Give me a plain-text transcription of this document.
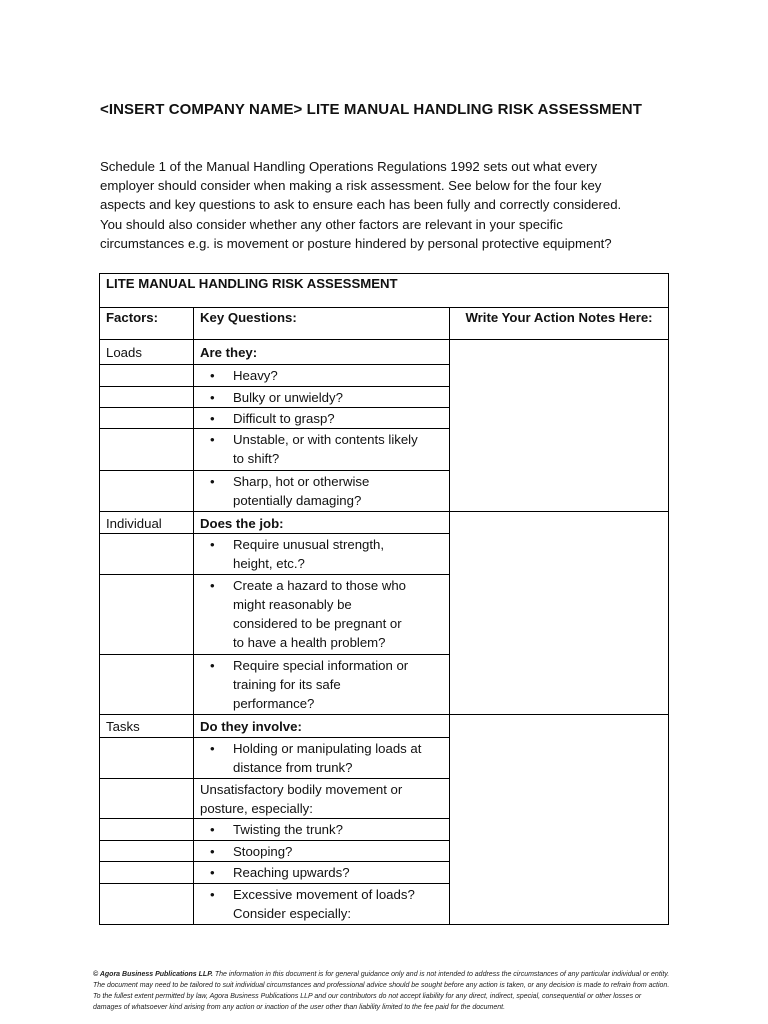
<INSERT COMPANY NAME> LITE MANUAL HANDLING RISK ASSESSMENT

Schedule 1 of the Manual Handling Operations Regulations 1992 sets out what every

employer should consider when making a risk assessment. See below for the four key

aspects and key questions to ask to ensure each has been fully and correctly considered.

You should also consider whether any other factors are relevant in your specific

circumstances e.g. is movement or posture hindered by personal protective equipment?

LITE MANUAL HANDLING RISK ASSESSMENT		
Factors:	Key Questions:	Write Your Action Notes Here:
Loads	Are they:	

	• Heavy?	

	• Bulky or unwieldy?	

	• Difficult to grasp?	

	• Unstable, or with contents likely
to shift?	

	• Sharp, hot or otherwise
potentially damaging?	

Individual	Does the job:	

	• Require unusual strength,
height, etc.?	

	• Create a hazard to those who
might reasonably be
considered to be pregnant or
to have a health problem?	

	• Require special information or
training for its safe
performance?	

Tasks	Do they involve:	

	• Holding or manipulating loads at
distance from trunk?	

	Unsatisfactory bodily movement or
posture, especially:	

	• Twisting the trunk?	

	• Stooping?	

	• Reaching upwards?	

	• Excessive movement of loads?
Consider especially:	

© Agora Business Publications LLP. The information in this document is for general guidance only and is not intended to address the circumstances of any particular individual or entity.

The document may need to be tailored to suit individual circumstances and professional advice should be sought before any action is taken, or any decision is made to refrain from action.

To the fullest extent permitted by law, Agora Business Publications LLP and our contributors do not accept liability for any direct, indirect, special, consequential or other losses or

damages of whatsoever kind arising from any action or inaction of the user other than liability limited to the fee paid for the document.
